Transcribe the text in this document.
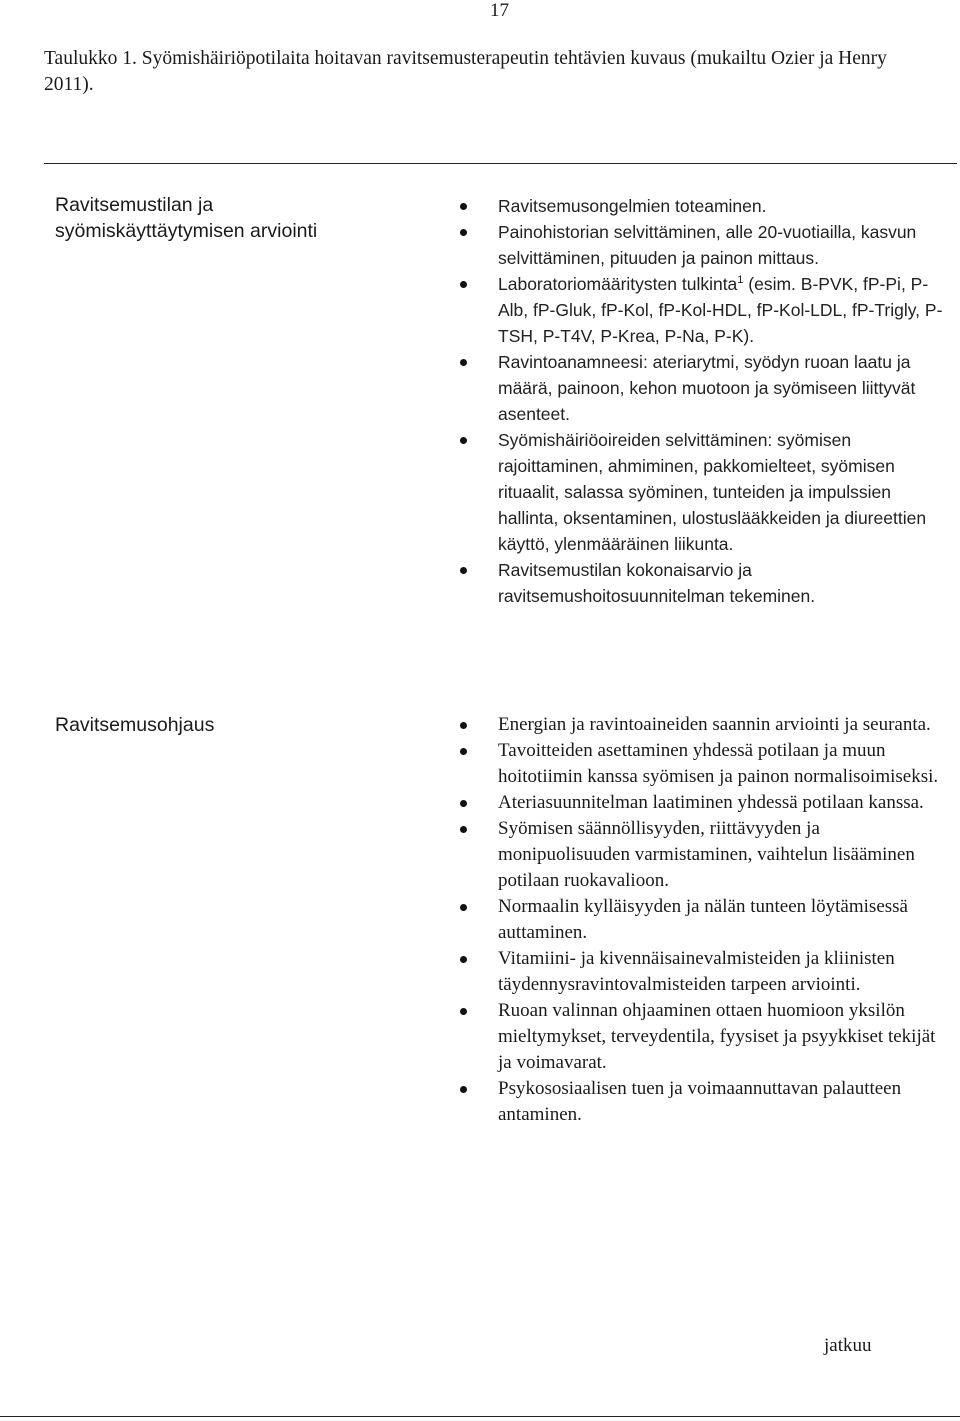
17
Taulukko 1. Syömishäiriöpotilaita hoitavan ravitsemusterapeutin tehtävien kuvaus (mukailtu Ozier ja Henry 2011).
Ravitsemustilan ja
syömiskäyttäytymisen arviointi
Ravitsemusongelmien toteaminen.
Painohistorian selvittäminen, alle 20-vuotiailla, kasvun selvittäminen, pituuden ja painon mittaus.
Laboratoriomääritysten tulkinta$^1$ (esim. B-PVK, fP-Pi, P-Alb, fP-Gluk, fP-Kol, fP-Kol-HDL, fP-Kol-LDL, fP-Trigly, P-TSH, P-T4V, P-Krea, P-Na, P-K).
Ravintoanamneesi: ateriarytmi, syödyn ruoan laatu ja määrä, painoon, kehon muotoon ja syömiseen liittyvät asenteet.
Syömishäiriöoireiden selvittäminen: syömisen rajoittaminen, ahmiminen, pakkomielteet, syömisen rituaalit, salassa syöminen, tunteiden ja impulssien hallinta, oksentaminen, ulostuslääkkeiden ja diureettien käyttö, ylenmääräinen liikunta.
Ravitsemustilan kokonaisarvio ja ravitsemushoitosuunnitelman tekeminen.
Ravitsemusohjaus	Energian ja ravintoaineiden saannin arviointi ja seuranta.
Tavoitteiden asettaminen yhdessä potilaan ja muun hoitotiimin kanssa syömisen ja painon normalisoimiseksi.
Ateriasuunnitelman laatiminen yhdessä potilaan kanssa.
Syömisen säännöllisyyden, riittävyyden ja monipuolisuuden varmistaminen, vaihtelun lisääminen potilaan ruokavalioon.
Normaalin kylläisyyden ja nälän tunteen löytämisessä auttaminen.
Vitamiini- ja kivennäisainevalmisteiden ja kliinisten täydennysravintovalmisteiden tarpeen arviointi.
Ruoan valinnan ohjaaminen ottaen huomioon yksilön mieltymykset, terveydentila, fyysiset ja psyykkiset tekijät ja voimavarat.
Psykososiaalisen tuen ja voimaannuttavan palautteen antaminen.
jatkuu
